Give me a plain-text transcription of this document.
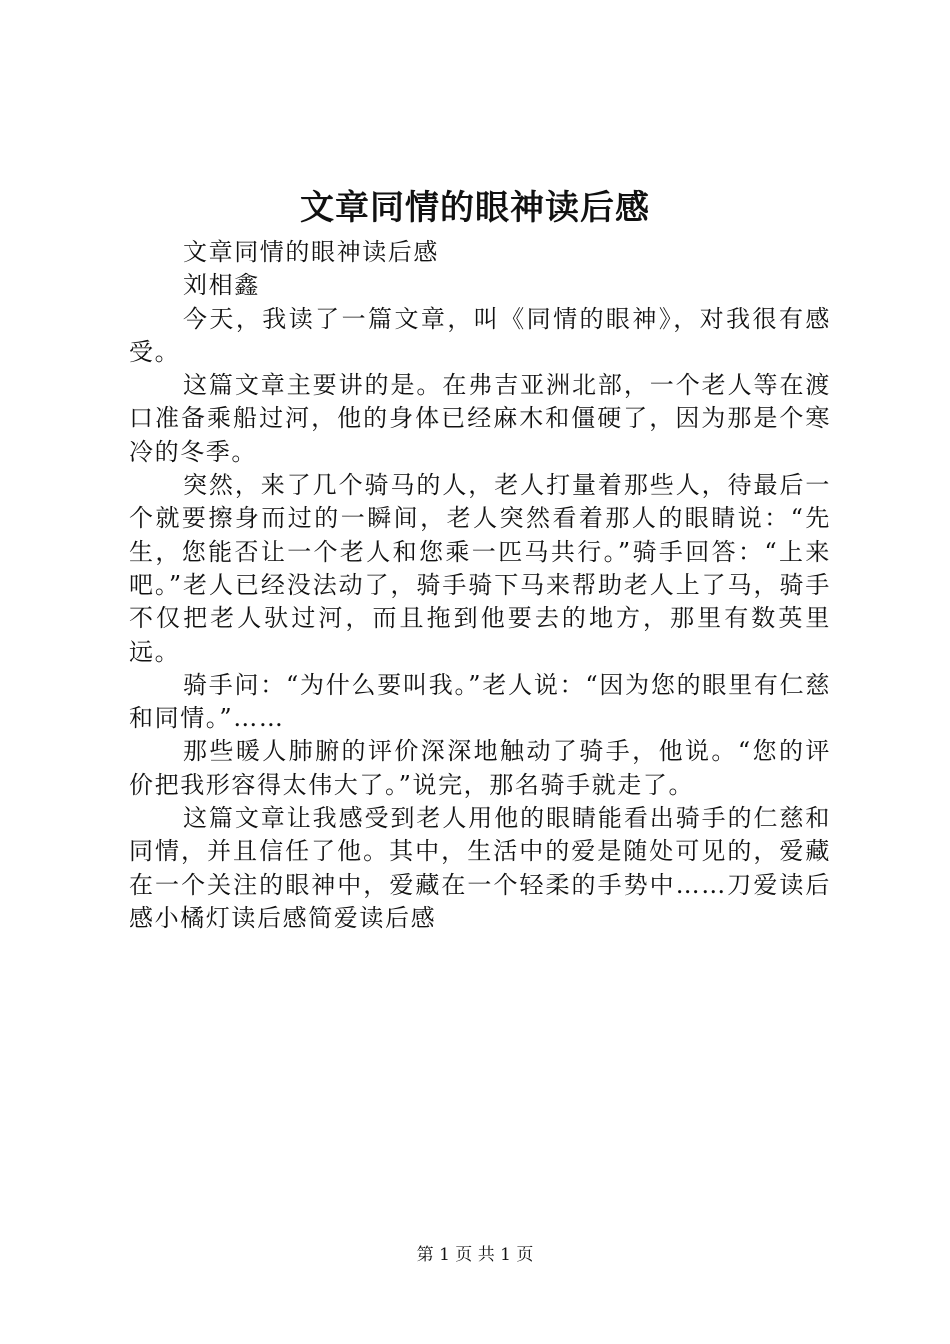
文章同情的眼神读后感

文章同情的眼神读后感

刘相鑫

今天，我读了一篇文章，叫《同情的眼神》，对我很有感受。

这篇文章主要讲的是。在弗吉亚洲北部，一个老人等在渡口准备乘船过河，他的身体已经麻木和僵硬了，因为那是个寒冷的冬季。

突然，来了几个骑马的人，老人打量着那些人，待最后一个就要擦身而过的一瞬间，老人突然看着那人的眼睛说：“先生，您能否让一个老人和您乘一匹马共行。”骑手回答：“上来吧。”老人已经没法动了，骑手骑下马来帮助老人上了马，骑手不仅把老人驮过河，而且拖到他要去的地方，那里有数英里远。

骑手问：“为什么要叫我。”老人说：“因为您的眼里有仁慈和同情。”……

那些暖人肺腑的评价深深地触动了骑手，他说。“您的评价把我形容得太伟大了。”说完，那名骑手就走了。

这篇文章让我感受到老人用他的眼睛能看出骑手的仁慈和同情，并且信任了他。其中，生活中的爱是随处可见的，爱藏在一个关注的眼神中，爱藏在一个轻柔的手势中……刀爱读后感小橘灯读后感简爱读后感

第 1 页 共 1 页
